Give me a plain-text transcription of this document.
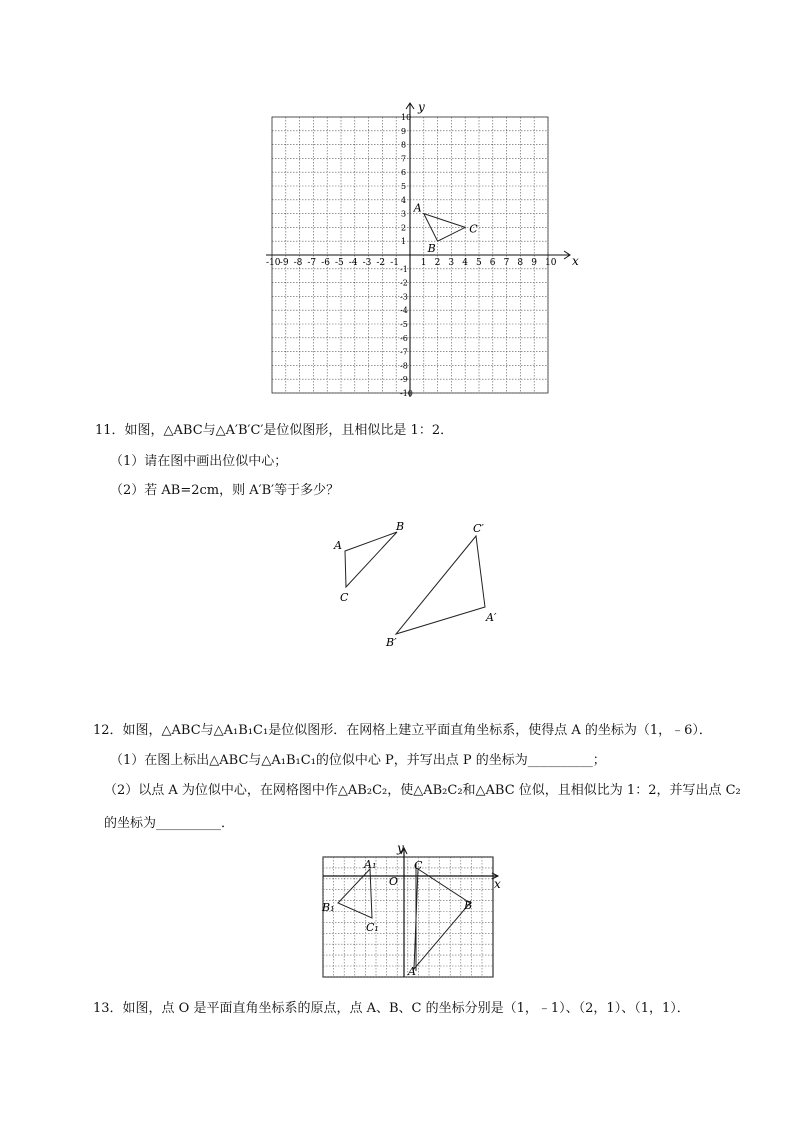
-10
-10
-9
-9
-8
-8
-7
-7
-6
-6
-5
-5
-4
-4
-3
-3
-2
-2
-1
-1
1
1
2
2
3
3
4
4
5
5
6
6
7
7
8
8
9
9
10
10
A
B
C
x
y
11．如图，△ABC与△A′B′C′是位似图形，且相似比是 1：2．
（1）请在图中画出位似中心；
（2）若 AB=2cm，则 A′B′等于多少？
A
B
C
A′
B′
C′
12．如图，△ABC与△A₁B₁C₁是位似图形．在网格上建立平面直角坐标系，使得点 A 的坐标为（1，﹣6）．
（1）在图上标出△ABC与△A₁B₁C₁的位似中心 P，并写出点 P 的坐标为__________；
（2）以点 A 为位似中心，在网格图中作△AB₂C₂，使△AB₂C₂和△ABC 位似，且相似比为 1：2，并写出点 C₂
的坐标为__________．
A₁
B₁
C₁
O
C
B
A
x
y
13．如图，点 O 是平面直角坐标系的原点，点 A、B、C 的坐标分别是（1，﹣1）、（2，1）、（1，1）．
